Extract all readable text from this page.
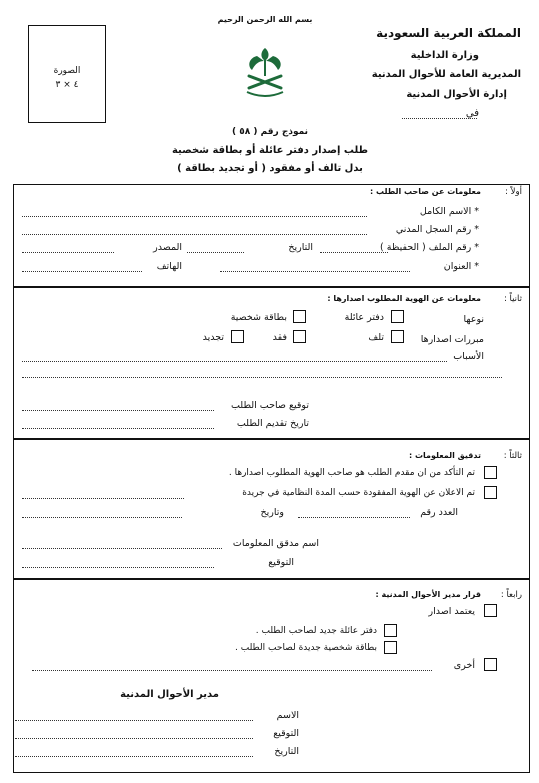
الصورة
٤ × ٣
بسم الله الرحمن الرحيم
المملكة العربية السعودية
وزارة الداخلية
المديرية العامة للأحوال المدنية
إدارة الأحوال المدنية
في
نموذج رقم ( ٥٨ )
طلب إصدار دفتر عائلة أو بطاقة شخصية
بدل تالف أو مفقود ( أو تجديد بطاقة )
أولاً :
معلومات عن صاحب الطلب :
* الاسم الكامل
* رقم السجل المدني
* رقم الملف ( الحفيظة )
التاريخ
المصدر
* العنوان
الهاتف
ثانياً :
معلومات عن الهوية المطلوب اصدارها :
نوعها
دفتر عائلة
بطاقة شخصية
مبررات اصدارها
تلف
فقد
تجديد
الأسباب
توقيع صاحب الطلب
تاريخ تقديم الطلب
ثالثاً :
تدقيق المعلومات :
تم التأكد من ان مقدم الطلب هو صاحب الهوية المطلوب اصدارها .
تم الاعلان عن الهوية المفقودة حسب المدة النظامية في جريدة
العدد رقم
وتاريخ
اسم مدقق المعلومات
التوقيع
رابعاً :
قرار مدير الأحوال المدنية :
يعتمد اصدار
دفتر عائلة جديد لصاحب الطلب .
بطاقة شخصية جديدة لصاحب الطلب .
أخرى
مدير الأحوال المدنية
الاسم
التوقيع
التاريخ
